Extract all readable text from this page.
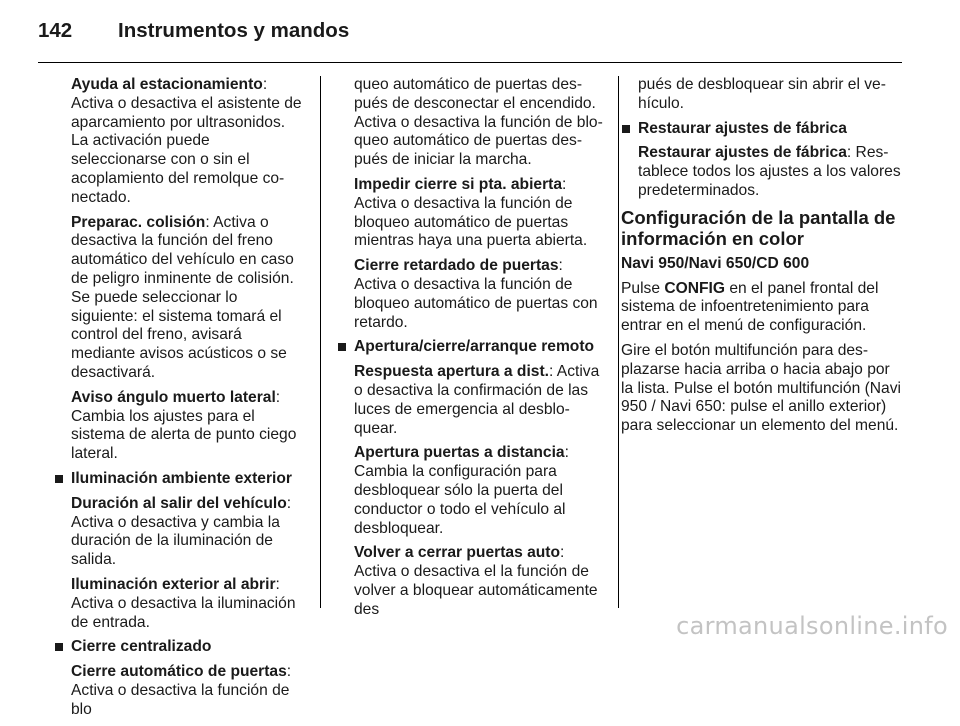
142 Instrumentos y mandos

Ayuda al estacionamiento: Activa o desactiva el asistente de aparcamiento por ultrasonidos. La activación puede seleccionarse con o sin el acoplamiento del remolque conectado.

Preparac. colisión: Activa o desactiva la función del freno automático del vehículo en caso de peligro inminente de colisión. Se puede seleccionar lo siguiente: el sistema tomará el control del freno, avisará mediante avisos acústicos o se desactivará.

Aviso ángulo muerto lateral: Cambia los ajustes para el sistema de alerta de punto ciego lateral.

Iluminación ambiente exterior

Duración al salir del vehículo: Activa o desactiva y cambia la duración de la iluminación de salida.

Iluminación exterior al abrir: Activa o desactiva la iluminación de entrada.

Cierre centralizado

Cierre automático de puertas: Activa o desactiva la función de blo

queo automático de puertas después de desconectar el encendido. Activa o desactiva la función de bloqueo automático de puertas después de iniciar la marcha.

Impedir cierre si pta. abierta: Activa o desactiva la función de bloqueo automático de puertas mientras haya una puerta abierta.

Cierre retardado de puertas: Activa o desactiva la función de bloqueo automático de puertas con retardo.

Apertura/cierre/arranque remoto

Respuesta apertura a dist.: Activa o desactiva la confirmación de las luces de emergencia al desbloquear.

Apertura puertas a distancia: Cambia la configuración para desbloquear sólo la puerta del conductor o todo el vehículo al desbloquear.

Volver a cerrar puertas auto: Activa o desactiva el la función de volver a bloquear automáticamente des

pués de desbloquear sin abrir el vehículo.

Restaurar ajustes de fábrica

Restaurar ajustes de fábrica: Restablece todos los ajustes a los valores predeterminados.

Configuración de la pantalla de información en color

Navi 950/Navi 650/CD 600

Pulse CONFIG en el panel frontal del sistema de infoentretenimiento para entrar en el menú de configuración.

Gire el botón multifunción para desplazarse hacia arriba o hacia abajo por la lista. Pulse el botón multifunción (Navi 950 / Navi 650: pulse el anillo exterior) para seleccionar un elemento del menú.

carmanualsonline.info
